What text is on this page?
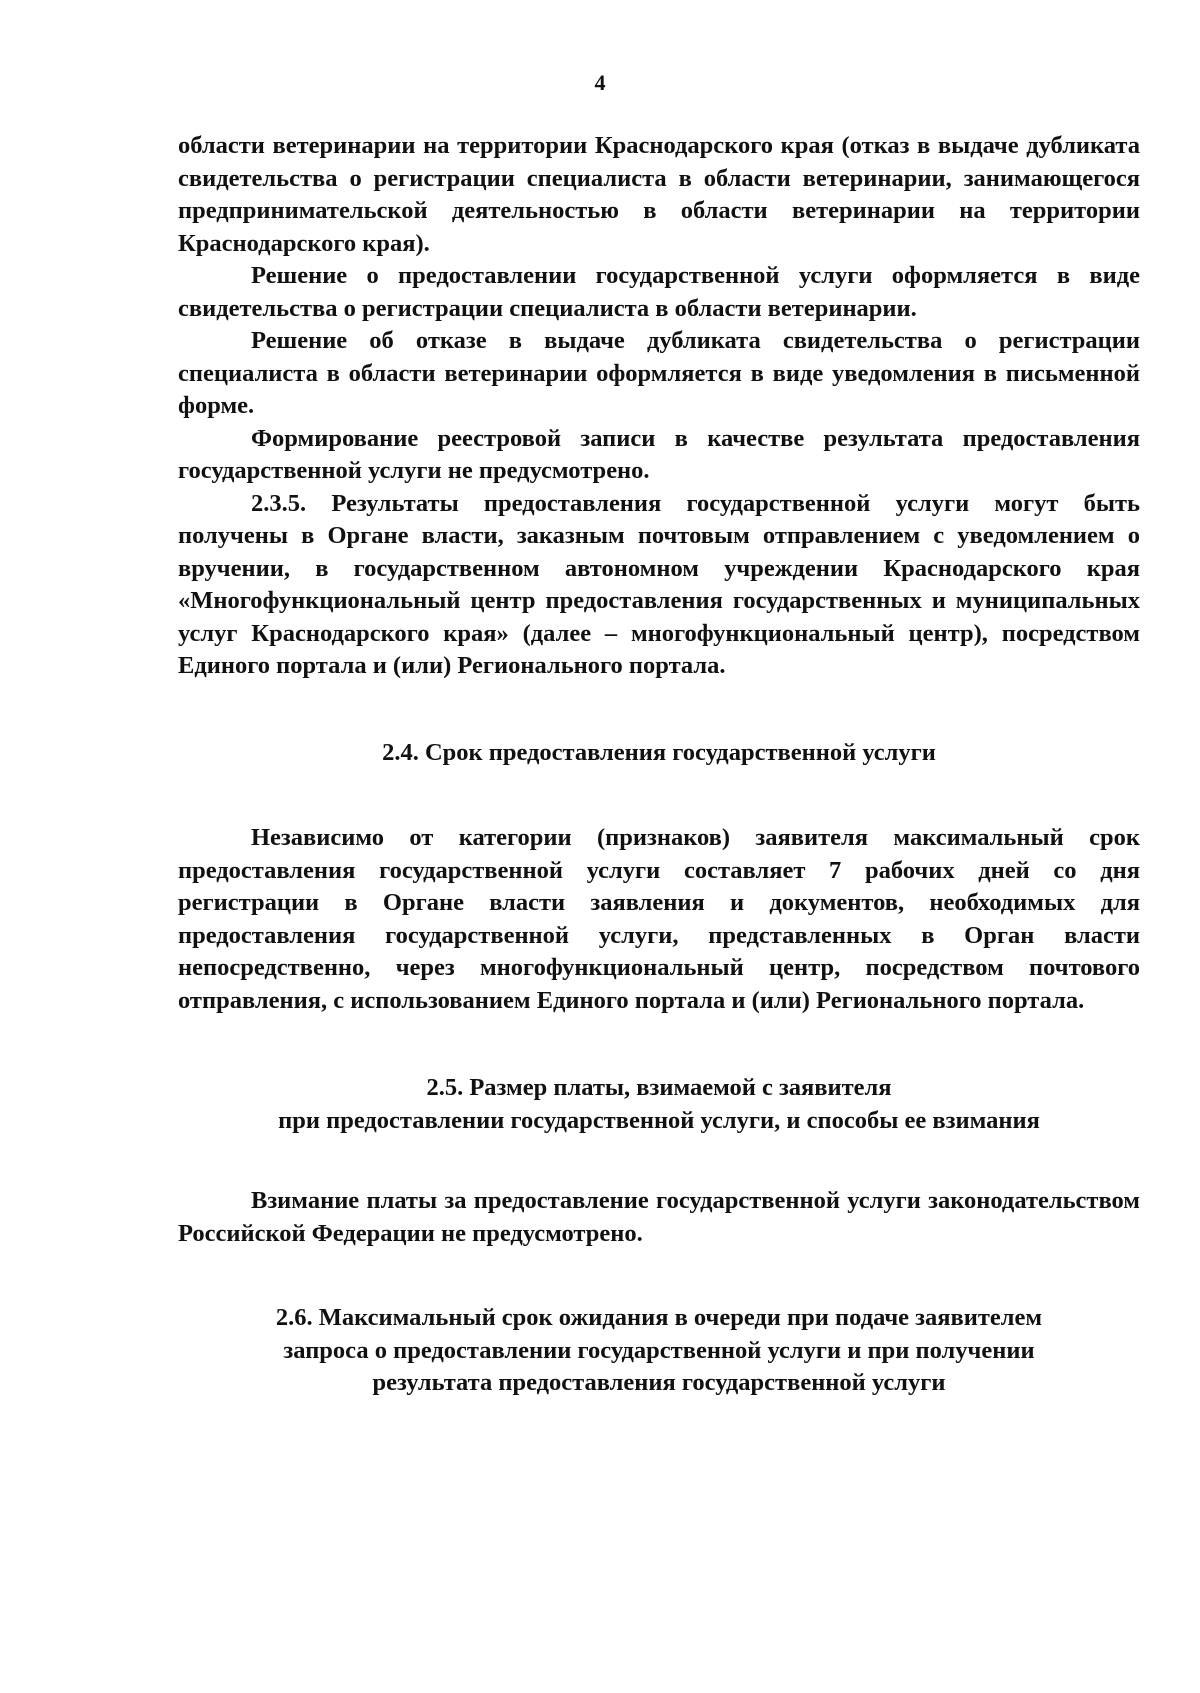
4

области ветеринарии на территории Краснодарского края (отказ в выдаче дубликата свидетельства о регистрации специалиста в области ветеринарии, занимающегося предпринимательской деятельностью в области ветеринарии на территории Краснодарского края).

Решение о предоставлении государственной услуги оформляется в виде свидетельства о регистрации специалиста в области ветеринарии.

Решение об отказе в выдаче дубликата свидетельства о регистрации специалиста в области ветеринарии оформляется в виде уведомления в письменной форме.

Формирование реестровой записи в качестве результата предоставления государственной услуги не предусмотрено.

2.3.5. Результаты предоставления государственной услуги могут быть получены в Органе власти, заказным почтовым отправлением с уведомлением о вручении, в государственном автономном учреждении Краснодарского края «Многофункциональный центр предоставления государственных и муниципальных услуг Краснодарского края» (далее – многофункциональный центр), посредством Единого портала и (или) Регионального портала.

2.4. Срок предоставления государственной услуги

Независимо от категории (признаков) заявителя максимальный срок предоставления государственной услуги составляет 7 рабочих дней со дня регистрации в Органе власти заявления и документов, необходимых для предоставления государственной услуги, представленных в Орган власти непосредственно, через многофункциональный центр, посредством почтового отправления, с использованием Единого портала и (или) Регионального портала.

2.5. Размер платы, взимаемой с заявителя
при предоставлении государственной услуги, и способы ее взимания

Взимание платы за предоставление государственной услуги законодательством Российской Федерации не предусмотрено.

2.6. Максимальный срок ожидания в очереди при подаче заявителем
запроса о предоставлении государственной услуги и при получении
результата предоставления государственной услуги
